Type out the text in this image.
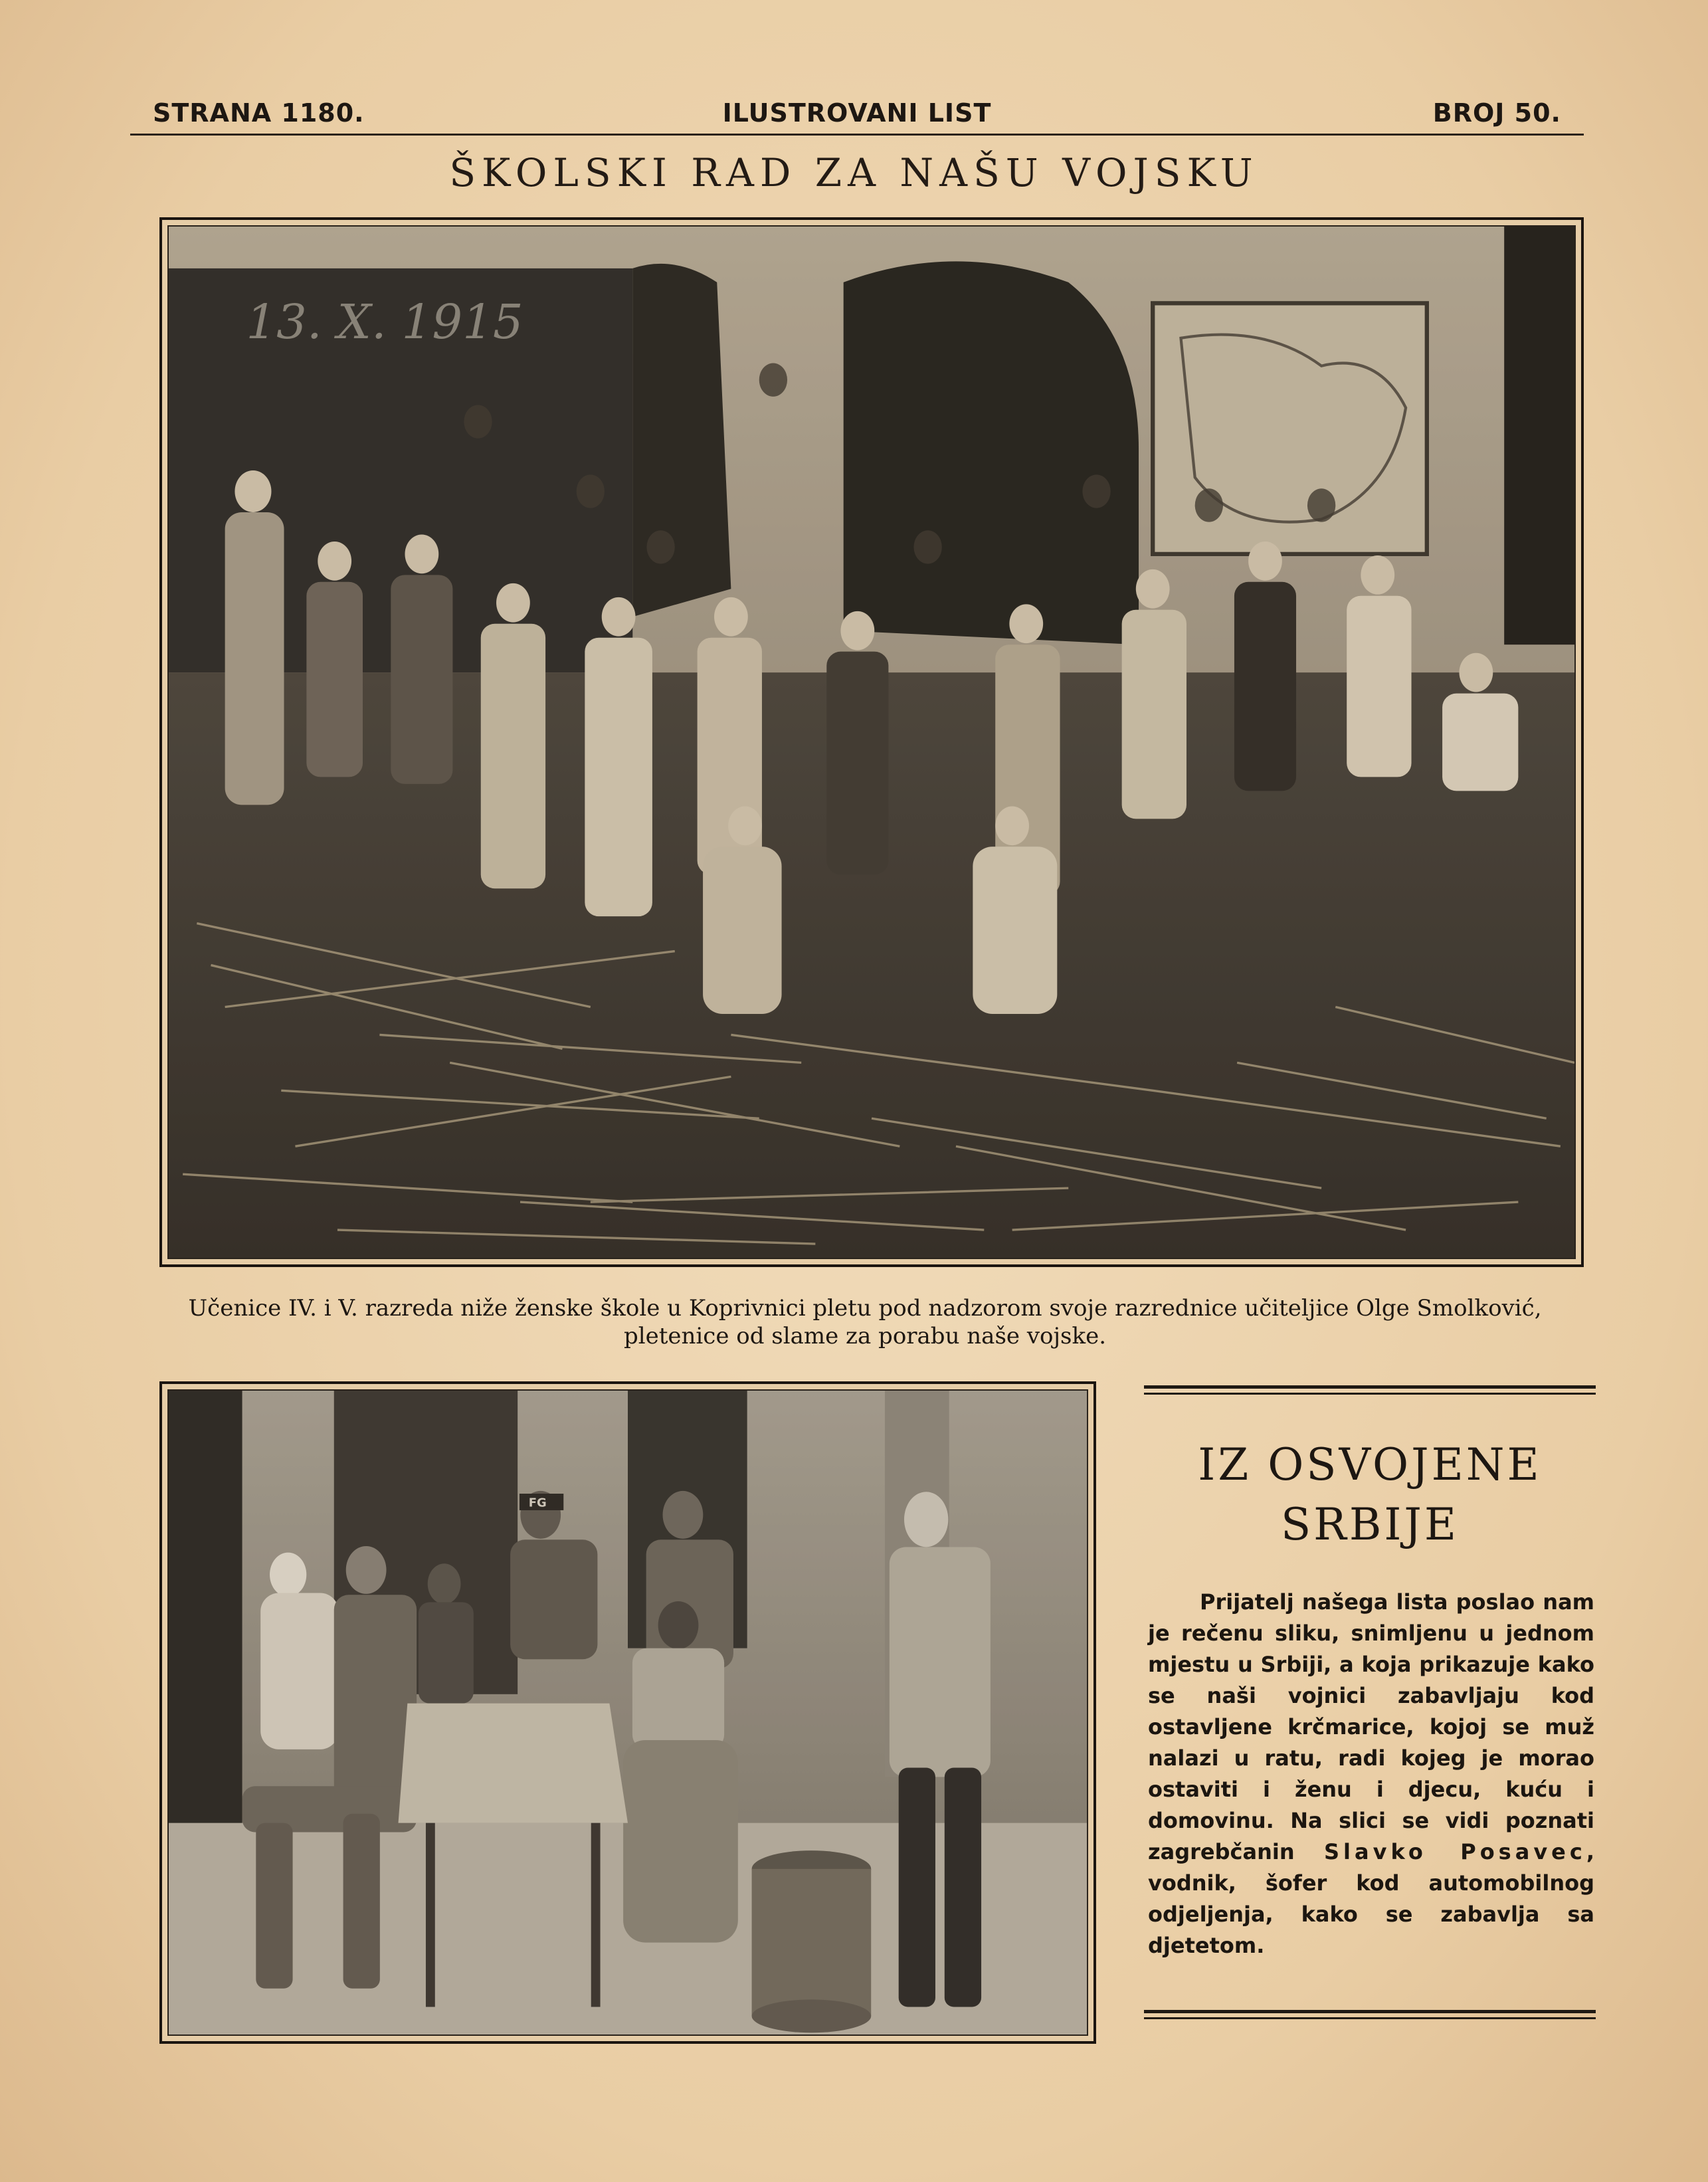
STRANA 1180.	ILUSTROVANI LIST	BROJ 50.
ŠKOLSKI RAD ZA NAŠU VOJSKU
13. X. 1915
Učenice IV. i V. razreda niže ženske škole u Koprivnici pletu pod nadzorom svoje razrednice učiteljice Olge Smolković, pletenice od slame za porabu naše vojske.
FG
IZ OSVOJENE
SRBIJE
Prijatelj našega lista poslao nam je rečenu sliku, snimljenu u jednom mjestu u Srbiji, a koja prikazuje kako se naši vojnici zabavljaju kod ostavljene krčmarice, kojoj se muž nalazi u ratu, radi kojeg je morao ostaviti i ženu i djecu, kuću i domovinu. Na slici se vidi poznati zagrebčanin Slavko Posavec, vodnik, šofer kod automobilnog odjeljenja, kako se zabavlja sa djetetom.
